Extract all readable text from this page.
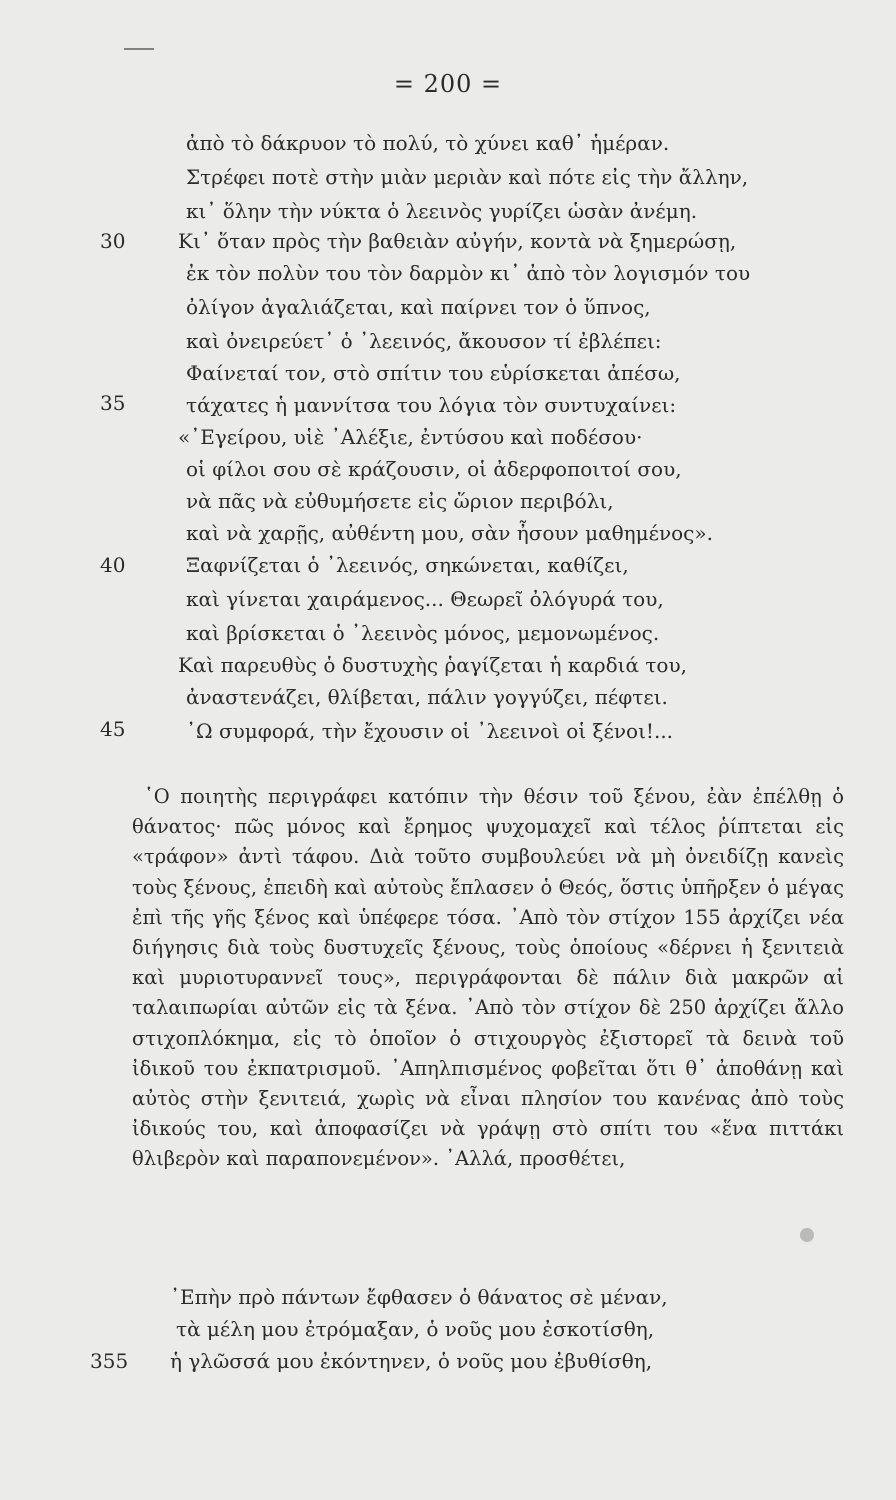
= 200 =
ἀπὸ τὸ δάκρυον τὸ πολύ, τὸ χύνει καθ᾽ ἡμέραν.
Στρέφει ποτὲ στὴν μιὰν μεριὰν καὶ πότε εἰς τὴν ἄλλην,
κι᾽ ὅλην τὴν νύκτα ὁ λεεινὸς γυρίζει ὡσὰν ἀνέμη.
30	Κι᾽ ὅταν πρὸς τὴν βαθειὰν αὐγήν, κοντὰ νὰ ξημερώσῃ,
ἐκ τὸν πολὺν του τὸν δαρμὸν κι᾽ ἀπὸ τὸν λογισμόν του
ὀλίγον ἀγαλιάζεται, καὶ παίρνει τον ὁ ὕπνος,
καὶ ὀνειρεύετ᾽ ὁ ᾽λεεινός, ἄκουσον τί ἐβλέπει:
Φαίνεταί τον, στὸ σπίτιν του εὑρίσκεται ἀπέσω,
35	τάχατες ἡ μαννίτσα του λόγια τὸν συντυχαίνει:
«᾽Εγείρου, υἱὲ ᾽Αλέξιε, ἐντύσου καὶ ποδέσου·
οἱ φίλοι σου σὲ κράζουσιν, οἱ ἀδερφοποιτοί σου,
νὰ πᾶς νὰ εὐθυμήσετε εἰς ὥριον περιβόλι,
καὶ νὰ χαρῇς, αὐθέντη μου, σὰν ἦσουν μαθημένος».
40	Ξαφνίζεται ὁ ᾽λεεινός, σηκώνεται, καθίζει,
καὶ γίνεται χαιράμενος... Θεωρεῖ ὀλόγυρά του,
καὶ βρίσκεται ὁ ᾽λεεινὸς μόνος, μεμονωμένος.
Καὶ παρευθὺς ὁ δυστυχὴς ῥαγίζεται ἡ καρδιά του,
ἀναστενάζει, θλίβεται, πάλιν γογγύζει, πέφτει.
45	᾽Ω συμφορά, τὴν ἔχουσιν οἱ ᾽λεεινοὶ οἱ ξένοι!...
῾Ο ποιητὴς περιγράφει κατόπιν τὴν θέσιν τοῦ ξένου, ἐὰν ἐπέλθῃ ὁ θάνατος· πῶς μόνος καὶ ἔρημος ψυχομαχεῖ καὶ τέλος ῥίπτεται εἰς «τράφον» ἀντὶ τάφου. Διὰ τοῦτο συμβουλεύει νὰ μὴ ὀνειδίζῃ κανεὶς τοὺς ξένους, ἐπειδὴ καὶ αὐτοὺς ἔπλασεν ὁ Θεός, ὅστις ὑπῆρξεν ὁ μέγας ἐπὶ τῆς γῆς ξένος καὶ ὑπέφερε τόσα. ᾽Απὸ τὸν στίχον 155 ἀρχίζει νέα διήγησις διὰ τοὺς δυστυχεῖς ξένους, τοὺς ὁποίους «δέρνει ἡ ξενιτειὰ καὶ μυριοτυραννεῖ τους», περιγράφονται δὲ πάλιν διὰ μακρῶν αἱ ταλαιπωρίαι αὐτῶν εἰς τὰ ξένα. ᾽Απὸ τὸν στίχον δὲ 250 ἀρχίζει ἄλλο στιχοπλόκημα, εἰς τὸ ὁποῖον ὁ στιχουργὸς ἐξιστορεῖ τὰ δεινὰ τοῦ ἰδικοῦ του ἐκπατρισμοῦ. ᾽Απηλπισμένος φοβεῖται ὅτι θ᾽ ἀποθάνῃ καὶ αὐτὸς στὴν ξενιτειά, χωρὶς νὰ εἶναι πλησίον του κανένας ἀπὸ τοὺς ἰδικούς του, καὶ ἀποφασίζει νὰ γράψῃ στὸ σπίτι του «ἕνα πιττάκι θλιβερὸν καὶ παραπονεμένον». ᾽Αλλά, προσθέτει,
᾽Επὴν πρὸ πάντων ἔφθασεν ὁ θάνατος σὲ μέναν,
τὰ μέλη μου ἐτρόμαξαν, ὁ νοῦς μου ἐσκοτίσθη,
355 ἡ γλῶσσά μου ἐκόντηνεν, ὁ νοῦς μου ἐβυθίσθη,
